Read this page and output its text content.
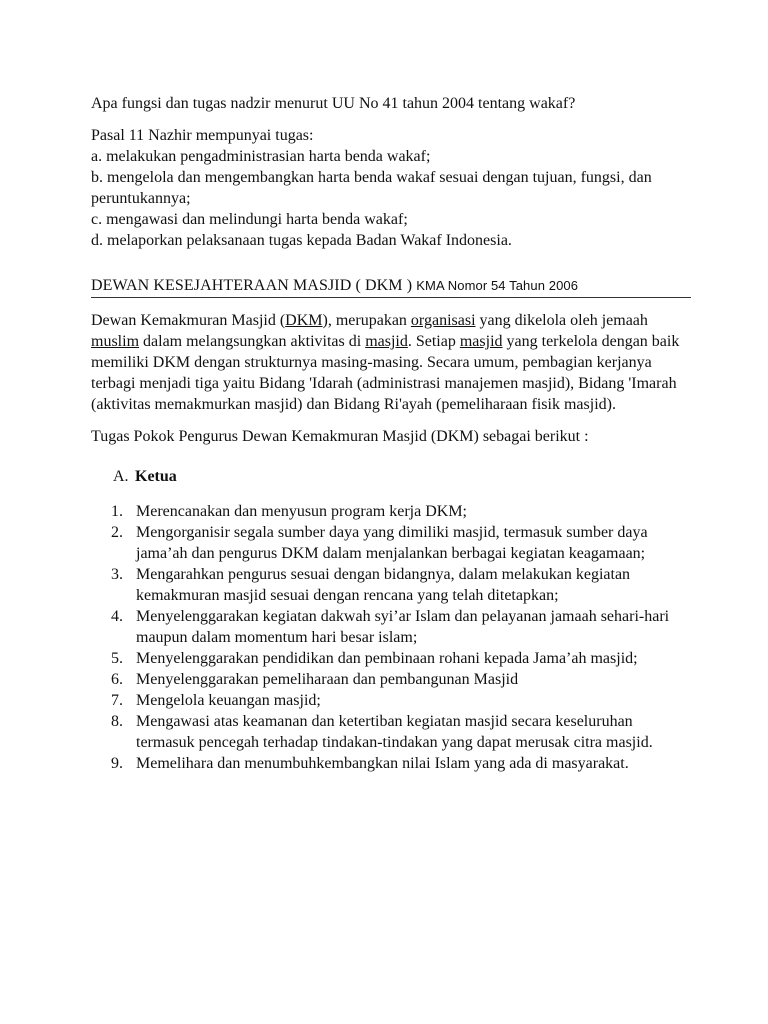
Apa fungsi dan tugas nadzir menurut UU No 41 tahun 2004 tentang wakaf?

Pasal 11 Nazhir mempunyai tugas:
a. melakukan pengadministrasian harta benda wakaf;
b. mengelola dan mengembangkan harta benda wakaf sesuai dengan tujuan, fungsi, dan peruntukannya;
c. mengawasi dan melindungi harta benda wakaf;
d. melaporkan pelaksanaan tugas kepada Badan Wakaf Indonesia.
DEWAN KESEJAHTERAAN MASJID ( DKM ) KMA Nomor 54 Tahun 2006

Dewan Kemakmuran Masjid (DKM), merupakan organisasi yang dikelola oleh jemaah muslim dalam melangsungkan aktivitas di masjid. Setiap masjid yang terkelola dengan baik memiliki DKM dengan strukturnya masing-masing. Secara umum, pembagian kerjanya terbagi menjadi tiga yaitu Bidang 'Idarah (administrasi manajemen masjid), Bidang 'Imarah (aktivitas memakmurkan masjid) dan Bidang Ri'ayah (pemeliharaan fisik masjid).

Tugas Pokok Pengurus Dewan Kemakmuran Masjid (DKM) sebagai berikut :

A. Ketua
1. Merencanakan dan menyusun program kerja DKM;
2. Mengorganisir segala sumber daya yang dimiliki masjid, termasuk sumber daya jama’ah dan pengurus DKM dalam menjalankan berbagai kegiatan keagamaan;
3. Mengarahkan pengurus sesuai dengan bidangnya, dalam melakukan kegiatan kemakmuran masjid sesuai dengan rencana yang telah ditetapkan;
4. Menyelenggarakan kegiatan dakwah syi’ar Islam dan pelayanan jamaah sehari-hari maupun dalam momentum hari besar islam;
5. Menyelenggarakan pendidikan dan pembinaan rohani kepada Jama’ah masjid;
6. Menyelenggarakan pemeliharaan dan pembangunan Masjid
7. Mengelola keuangan masjid;
8. Mengawasi atas keamanan dan ketertiban kegiatan masjid secara keseluruhan termasuk pencegah terhadap tindakan-tindakan yang dapat merusak citra masjid.
9. Memelihara dan menumbuhkembangkan nilai Islam yang ada di masyarakat.
